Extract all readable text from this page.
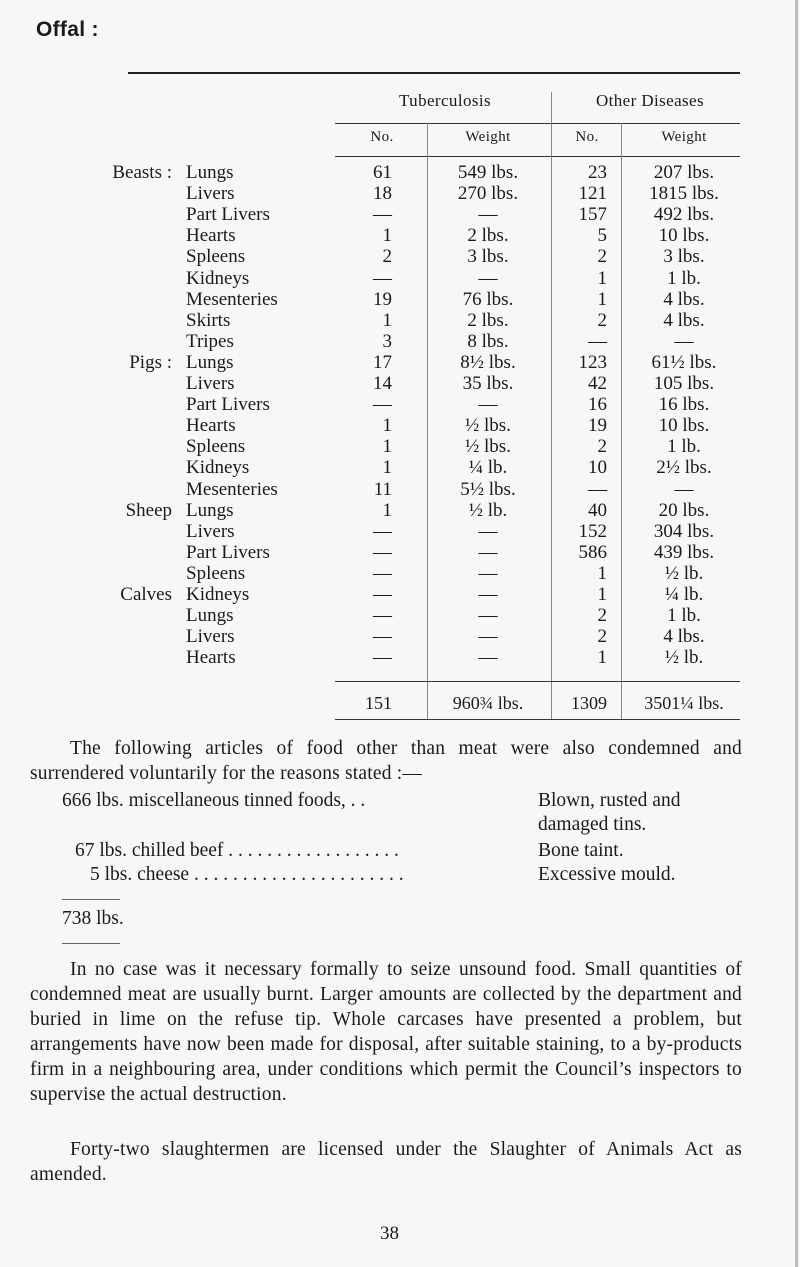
Offal :
Tuberculosis	Other Diseases
No.	Weight	No.	Weight
Beasts : Lungs	61	549 lbs.	23	207 lbs.
Livers	18	270 lbs.	121	1815 lbs.
Part Livers	—	—	157	492 lbs.
Hearts	1	2 lbs.	5	10 lbs.
Spleens	2	3 lbs.	2	3 lbs.
Kidneys	—	—	1	1 lb.
Mesenteries	19	76 lbs.	1	4 lbs.
Skirts	1	2 lbs.	2	4 lbs.
Tripes	3	8 lbs.	—	—
Pigs : Lungs	17	8½ lbs.	123	61½ lbs.
Livers	14	35 lbs.	42	105 lbs.
Part Livers	—	—	16	16 lbs.
Hearts	1	½ lbs.	19	10 lbs.
Spleens	1	½ lbs.	2	1 lb.
Kidneys	1	¼ lb.	10	2½ lbs.
Mesenteries	11	5½ lbs.	—	—
Sheep Lungs	1	½ lb.	40	20 lbs.
Livers	—	—	152	304 lbs.
Part Livers	—	—	586	439 lbs.
Spleens	—	—	1	½ lb.
Calves Kidneys	—	—	1	¼ lb.
Lungs	—	—	2	1 lb.
Livers	—	—	2	4 lbs.
Hearts	—	—	1	½ lb.
151	960¾ lbs.	1309	3501¼ lbs.
The following articles of food other than meat were also condemned and surrendered voluntarily for the reasons stated :—
666 lbs. miscellaneous tinned foods, . .	Blown, rusted and
damaged tins.
67 lbs. chilled beef . . . . . . . . . . . . . . . . . .	Bone taint.
5 lbs. cheese . . . . . . . . . . . . . . . . . . . . . .	Excessive mould.
738 lbs.
In no case was it necessary formally to seize unsound food. Small quantities of condemned meat are usually burnt. Larger amounts are collected by the department and buried in lime on the refuse tip. Whole carcases have presented a problem, but arrangements have now been made for disposal, after suitable staining, to a by-products firm in a neighbouring area, under conditions which permit the Council’s inspectors to supervise the actual destruction.
Forty-two slaughtermen are licensed under the Slaughter of Animals Act as amended.
38
